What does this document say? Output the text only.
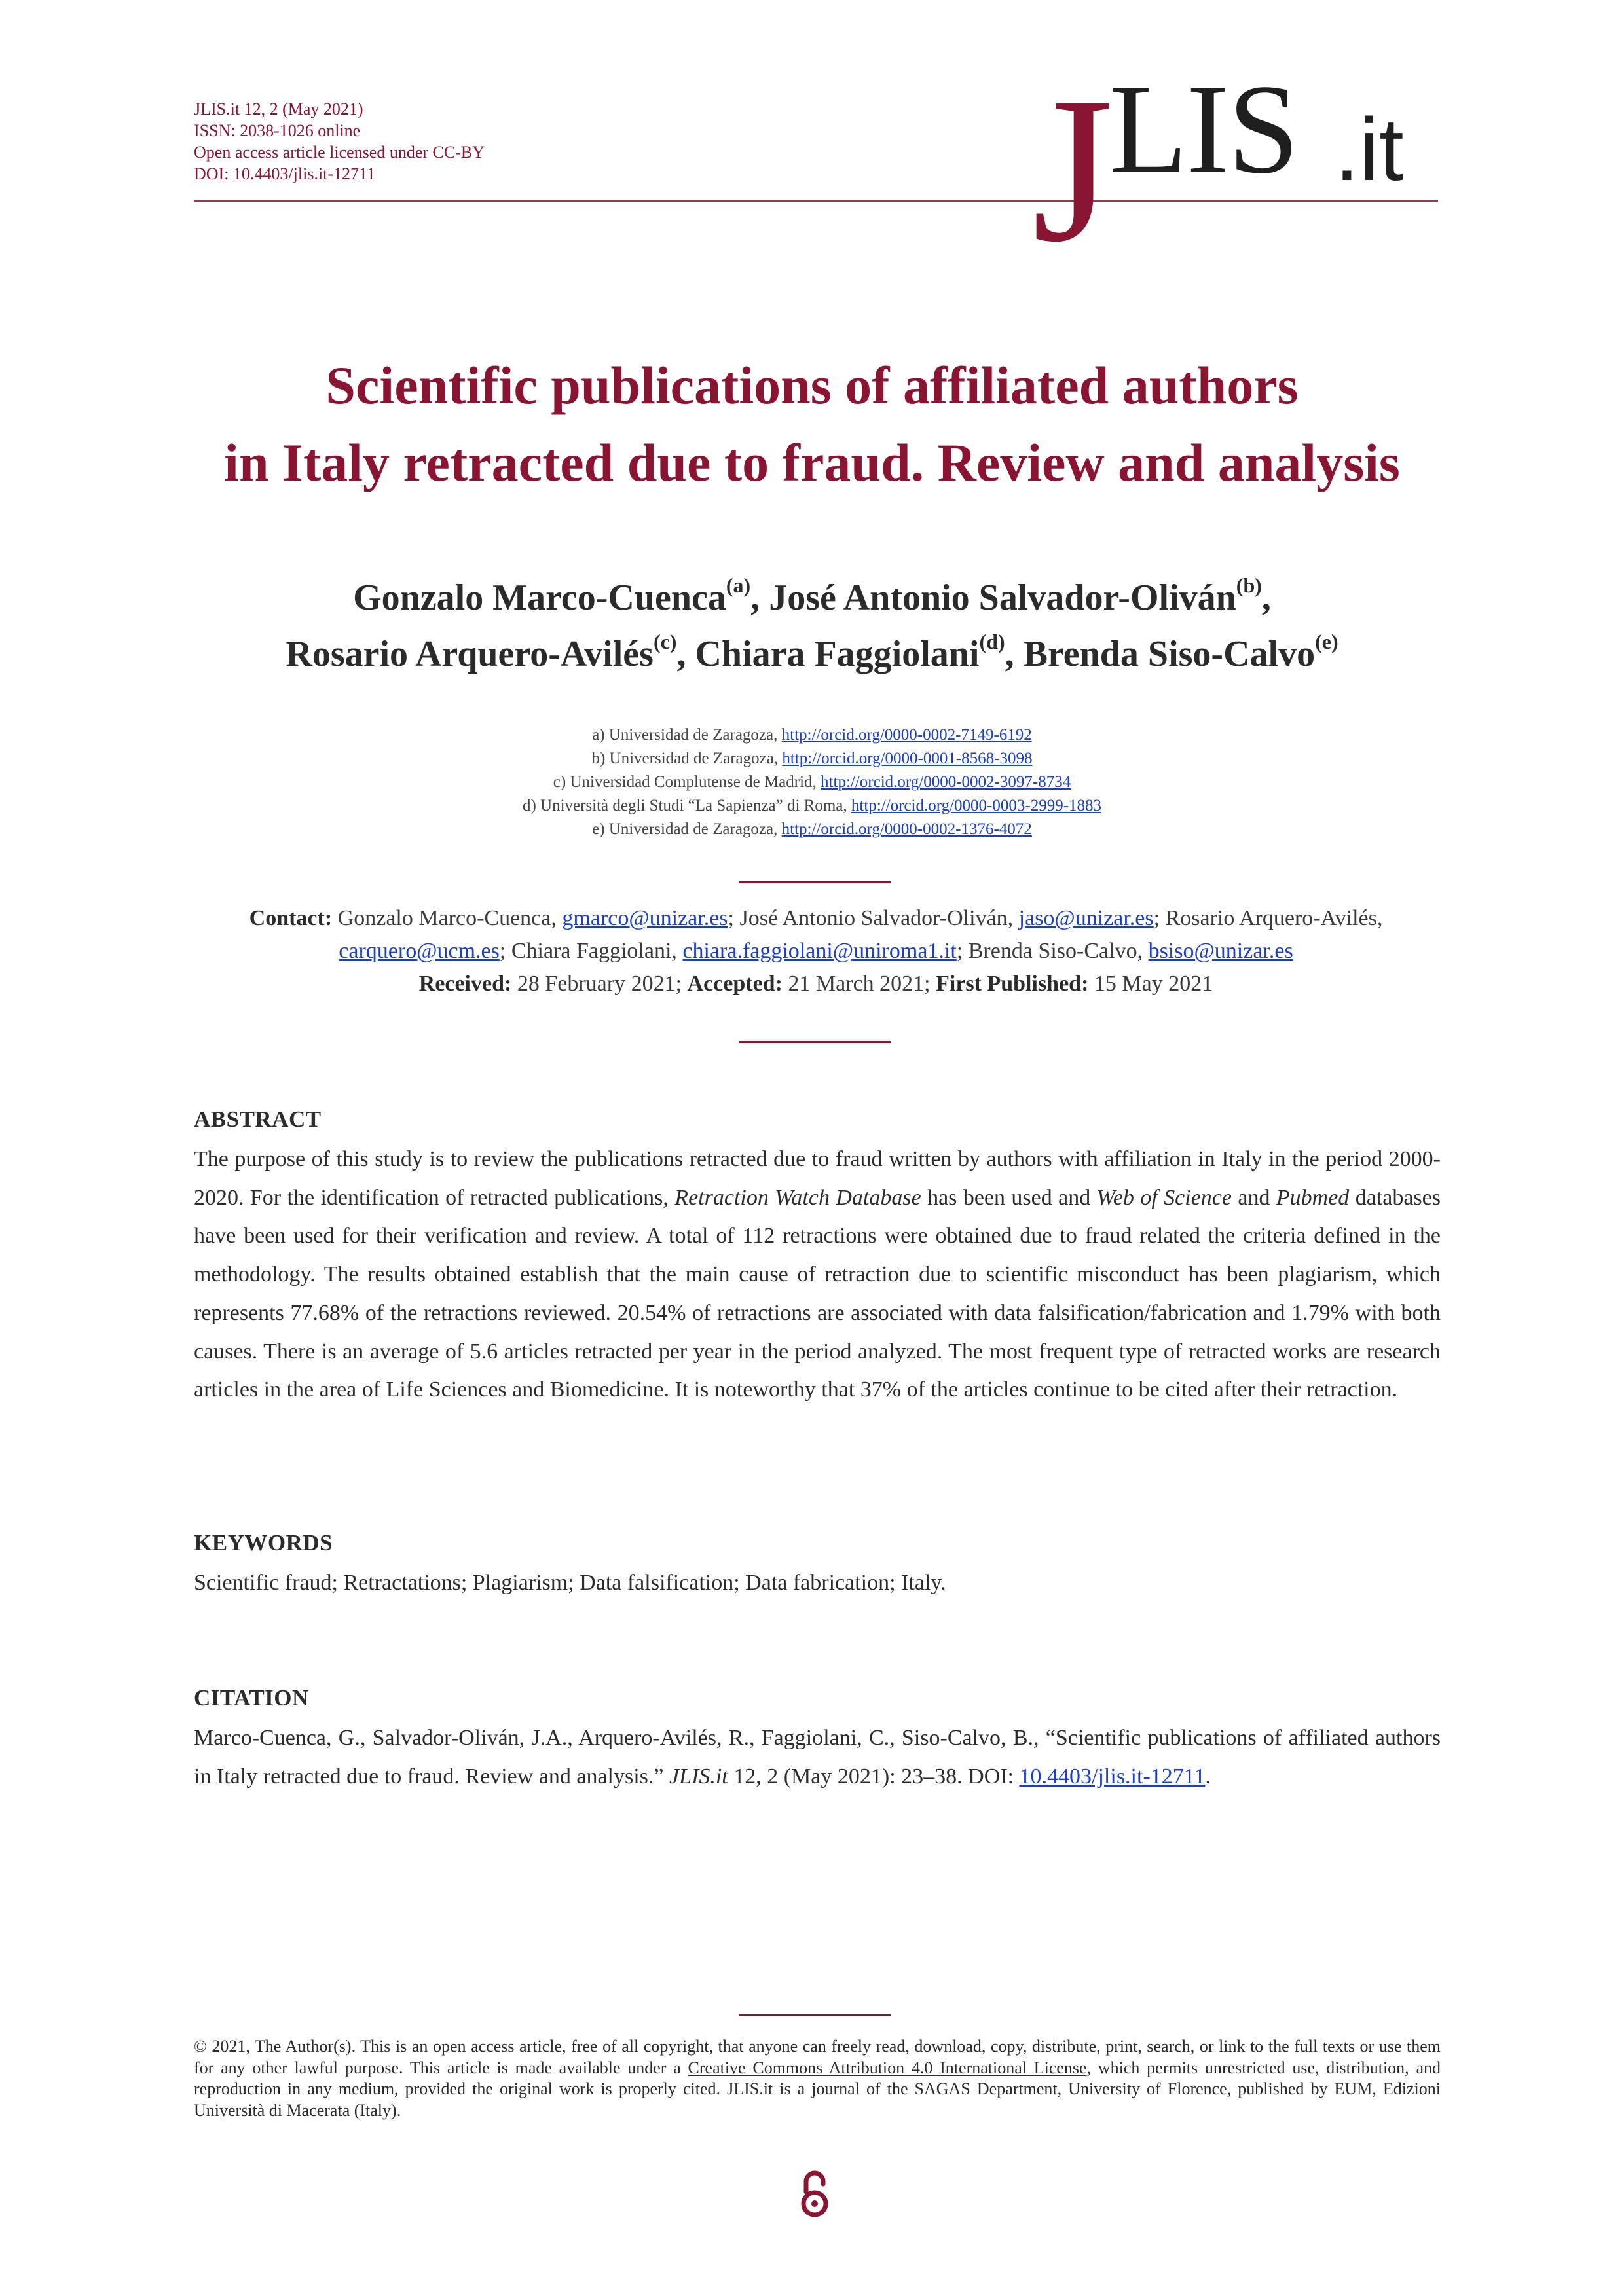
JLIS.it 12, 2 (May 2021)
ISSN: 2038-1026 online
Open access article licensed under CC-BY
DOI: 10.4403/jlis.it-12711	J
LIS .it
Scientific publications of affiliated authors
in Italy retracted due to fraud. Review and analysis
Gonzalo Marco-Cuenca$^{(a)}$, José Antonio Salvador-Oliván$^{(b)}$,
Rosario Arquero-Avilés$^{(c)}$, Chiara Faggiolani$^{(d)}$, Brenda Siso-Calvo$^{(e)}$
a) Universidad de Zaragoza, http://orcid.org/0000-0002-7149-6192
b) Universidad de Zaragoza, http://orcid.org/0000-0001-8568-3098
c) Universidad Complutense de Madrid, http://orcid.org/0000-0002-3097-8734
d) Università degli Studi “La Sapienza” di Roma, http://orcid.org/0000-0003-2999-1883
e) Universidad de Zaragoza, http://orcid.org/0000-0002-1376-4072
Contact: Gonzalo Marco-Cuenca, gmarco@unizar.es; José Antonio Salvador-Oliván, jaso@unizar.es; Rosario Arquero-Avilés, carquero@ucm.es; Chiara Faggiolani, chiara.faggiolani@uniroma1.it; Brenda Siso-Calvo, bsiso@unizar.es
Received: 28 February 2021; Accepted: 21 March 2021; First Published: 15 May 2021
ABSTRACT
The purpose of this study is to review the publications retracted due to fraud written by authors with affiliation in Italy in the period 2000-2020. For the identification of retracted publications, Retraction Watch Database has been used and Web of Science and Pubmed databases have been used for their verification and review. A total of 112 retractions were obtained due to fraud related the criteria defined in the methodology. The results obtained establish that the main cause of retraction due to scientific misconduct has been plagiarism, which represents 77.68% of the retractions reviewed. 20.54% of retractions are associated with data falsification/fabrication and 1.79% with both causes. There is an average of 5.6 articles retracted per year in the period analyzed. The most frequent type of retracted works are research articles in the area of Life Sciences and Biomedicine. It is noteworthy that 37% of the articles continue to be cited after their retraction.
KEYWORDS
Scientific fraud; Retractations; Plagiarism; Data falsification; Data fabrication; Italy.
CITATION
Marco-Cuenca, G., Salvador-Oliván, J.A., Arquero-Avilés, R., Faggiolani, C., Siso-Calvo, B., “Scientific publications of affiliated authors in Italy retracted due to fraud. Review and analysis.” JLIS.it 12, 2 (May 2021): 23–38. DOI: 10.4403/jlis.it-12711.
© 2021, The Author(s). This is an open access article, free of all copyright, that anyone can freely read, download, copy, distribute, print, search, or link to the full texts or use them for any other lawful purpose. This article is made available under a Creative Commons Attribution 4.0 International License, which permits unrestricted use, distribution, and reproduction in any medium, provided the original work is properly cited. JLIS.it is a journal of the SAGAS Department, University of Florence, published by EUM, Edizioni Università di Macerata (Italy).
